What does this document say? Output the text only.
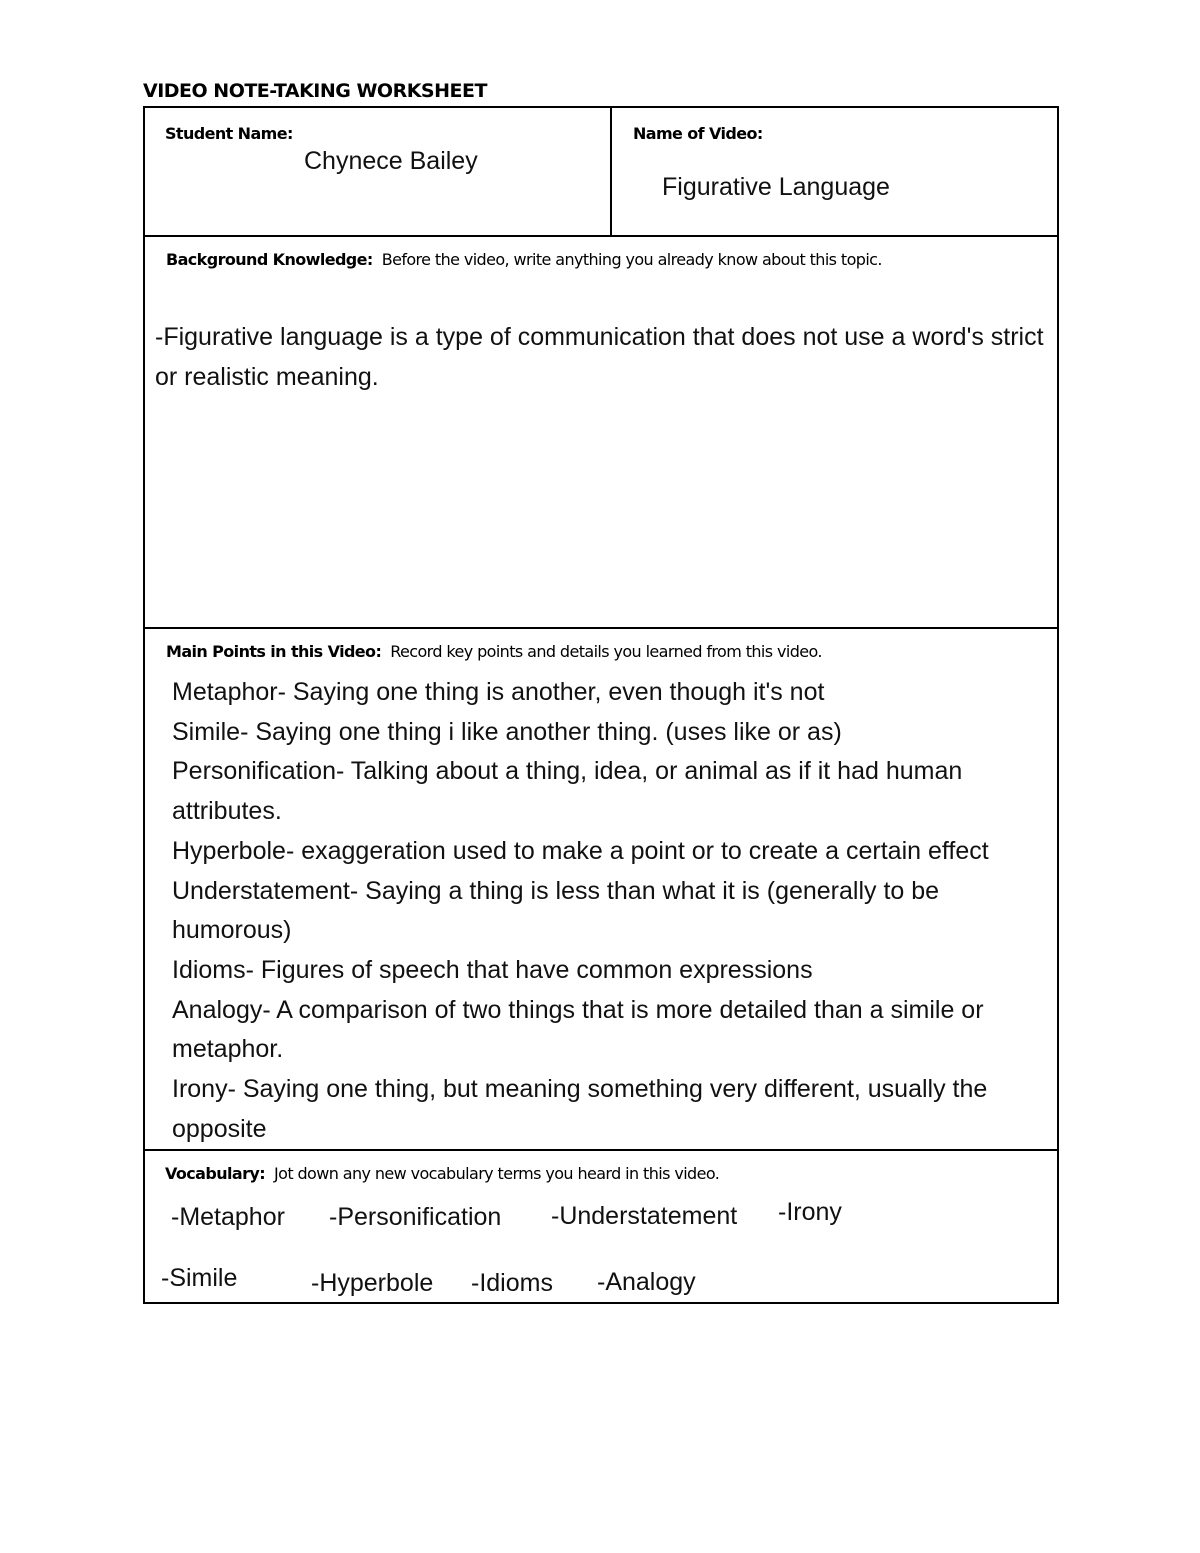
VIDEO NOTE-TAKING WORKSHEET
Student Name:
Chynece Bailey
Name of Video:
Figurative Language
Background Knowledge: Before the video, write anything you already know about this topic.
-Figurative language is a type of communication that does not use a word's strict or realistic meaning.
Main Points in this Video: Record key points and details you learned from this video.
Metaphor- Saying one thing is another, even though it's not
Simile- Saying one thing i like another thing. (uses like or as)
Personification- Talking about a thing, idea, or animal as if it had human attributes.
Hyperbole- exaggeration used to make a point or to create a certain effect
Understatement- Saying a thing is less than what it is (generally to be humorous)
Idioms- Figures of speech that have common expressions
Analogy- A comparison of two things that is more detailed than a simile or metaphor.
Irony- Saying one thing, but meaning something very different, usually the opposite
Vocabulary: Jot down any new vocabulary terms you heard in this video.
-Metaphor -Personification -Understatement -Irony
-Simile	-Hyperbole -Idioms -Analogy
